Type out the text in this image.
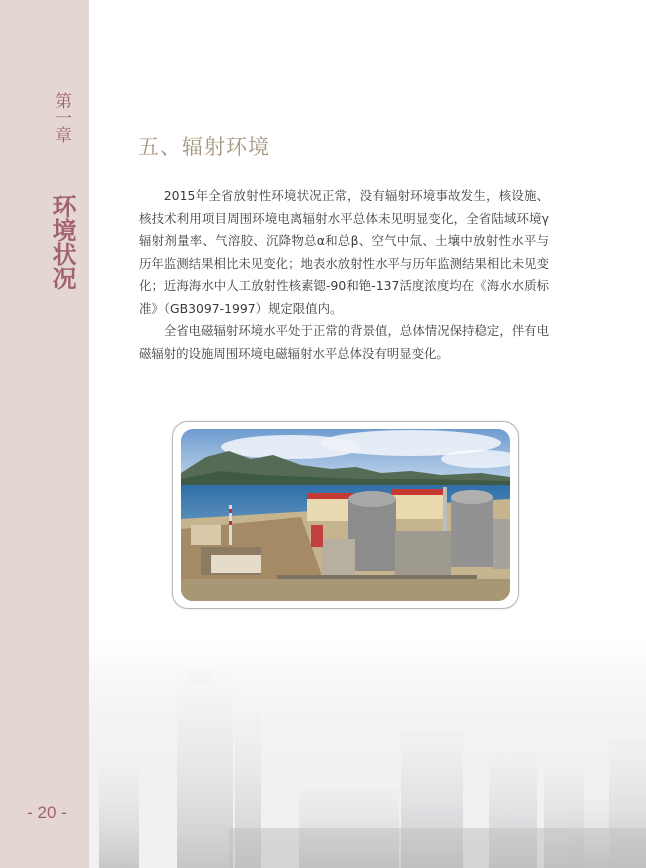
第一章
环境状况
- 20 -
五、辐射环境

2015年全省放射性环境状况正常，没有辐射环境事故发生，核设施、核技术利用项目周围环境电离辐射水平总体未见明显变化，全省陆域环境γ辐射剂量率、气溶胶、沉降物总α和总β、空气中氚、土壤中放射性水平与历年监测结果相比未见变化；地表水放射性水平与历年监测结果相比未见变化；近海海水中人工放射性核素锶-90和铯-137活度浓度均在《海水水质标准》（GB3097-1997）规定限值内。

全省电磁辐射环境水平处于正常的背景值，总体情况保持稳定，伴有电磁辐射的设施周围环境电磁辐射水平总体没有明显变化。
